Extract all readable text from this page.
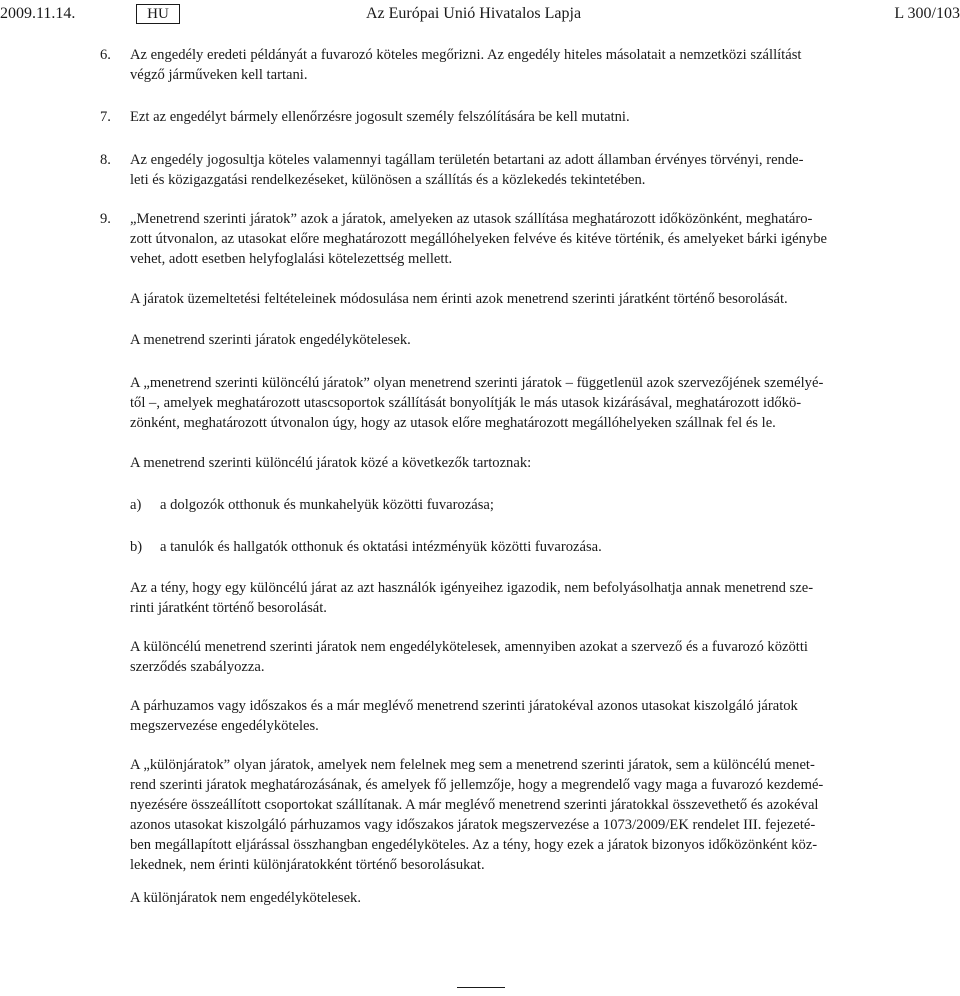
2009.11.14.	HU	Az Európai Unió Hivatalos Lapja	L 300/103
6. Az engedély eredeti példányát a fuvarozó köteles megőrizni. Az engedély hiteles másolatait a nemzetközi szállítást
végző járműveken kell tartani.
7. Ezt az engedélyt bármely ellenőrzésre jogosult személy felszólítására be kell mutatni.
8. Az engedély jogosultja köteles valamennyi tagállam területén betartani az adott államban érvényes törvényi, rende-
leti és közigazgatási rendelkezéseket, különösen a szállítás és a közlekedés tekintetében.
9. „Menetrend szerinti járatok” azok a járatok, amelyeken az utasok szállítása meghatározott időközönként, meghatáro-
zott útvonalon, az utasokat előre meghatározott megállóhelyeken felvéve és kitéve történik, és amelyeket bárki igénybe
vehet, adott esetben helyfoglalási kötelezettség mellett.
A járatok üzemeltetési feltételeinek módosulása nem érinti azok menetrend szerinti járatként történő besorolását.
A menetrend szerinti járatok engedélykötelesek.
A „menetrend szerinti különcélú járatok” olyan menetrend szerinti járatok – függetlenül azok szervezőjének személyé-
től –, amelyek meghatározott utascsoportok szállítását bonyolítják le más utasok kizárásával, meghatározott időkö-
zönként, meghatározott útvonalon úgy, hogy az utasok előre meghatározott megállóhelyeken szállnak fel és le.
A menetrend szerinti különcélú járatok közé a következők tartoznak:
a) a dolgozók otthonuk és munkahelyük közötti fuvarozása;
b) a tanulók és hallgatók otthonuk és oktatási intézményük közötti fuvarozása.
Az a tény, hogy egy különcélú járat az azt használók igényeihez igazodik, nem befolyásolhatja annak menetrend sze-
rinti járatként történő besorolását.
A különcélú menetrend szerinti járatok nem engedélykötelesek, amennyiben azokat a szervező és a fuvarozó közötti
szerződés szabályozza.
A párhuzamos vagy időszakos és a már meglévő menetrend szerinti járatokéval azonos utasokat kiszolgáló járatok
megszervezése engedélyköteles.
A „különjáratok” olyan járatok, amelyek nem felelnek meg sem a menetrend szerinti járatok, sem a különcélú menet-
rend szerinti járatok meghatározásának, és amelyek fő jellemzője, hogy a megrendelő vagy maga a fuvarozó kezdemé-
nyezésére összeállított csoportokat szállítanak. A már meglévő menetrend szerinti járatokkal összevethető és azokéval
azonos utasokat kiszolgáló párhuzamos vagy időszakos járatok megszervezése a 1073/2009/EK rendelet III. fejezeté-
ben megállapított eljárással összhangban engedélyköteles. Az a tény, hogy ezek a járatok bizonyos időközönként köz-
lekednek, nem érinti különjáratokként történő besorolásukat.
A különjáratok nem engedélykötelesek.
